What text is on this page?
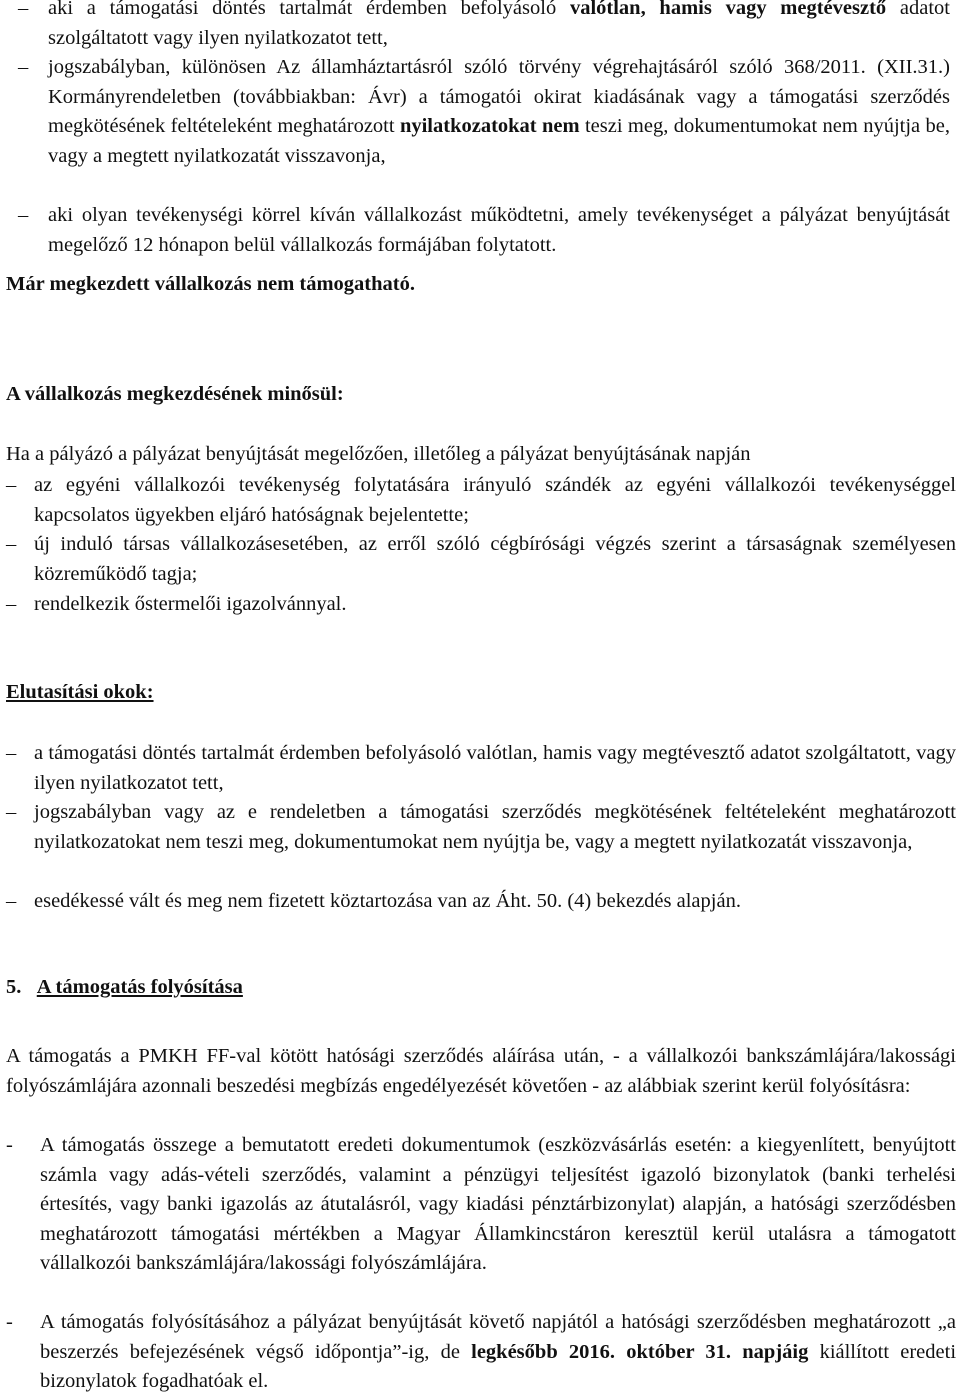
– aki a támogatási döntés tartalmát érdemben befolyásoló valótlan, hamis vagy megtévesztő adatot szolgáltatott vagy ilyen nyilatkozatot tett,
– jogszabályban, különösen Az államháztartásról szóló törvény végrehajtásáról szóló 368/2011. (XII.31.) Kormányrendeletben (továbbiakban: Ávr) a támogatói okirat kiadásának vagy a támogatási szerződés megkötésének feltételeként meghatározott nyilatkozatokat nem teszi meg, dokumentumokat nem nyújtja be, vagy a megtett nyilatkozatát visszavonja,
– aki olyan tevékenységi körrel kíván vállalkozást működtetni, amely tevékenységet a pályázat benyújtását megelőző 12 hónapon belül vállalkozás formájában folytatott.

Már megkezdett vállalkozás nem támogatható.

A vállalkozás megkezdésének minősül:

Ha a pályázó a pályázat benyújtását megelőzően, illetőleg a pályázat benyújtásának napján

– az egyéni vállalkozói tevékenység folytatására irányuló szándék az egyéni vállalkozói tevékenységgel kapcsolatos ügyekben eljáró hatóságnak bejelentette;
– új induló társas vállalkozásesetében, az erről szóló cégbírósági végzés szerint a társaságnak személyesen közreműködő tagja;
– rendelkezik őstermelői igazolvánnyal.

Elutasítási okok:

– a támogatási döntés tartalmát érdemben befolyásoló valótlan, hamis vagy megtévesztő adatot szolgáltatott, vagy ilyen nyilatkozatot tett,
– jogszabályban vagy az e rendeletben a támogatási szerződés megkötésének feltételeként meghatározott nyilatkozatokat nem teszi meg, dokumentumokat nem nyújtja be, vagy a megtett nyilatkozatát visszavonja,
– esedékessé vált és meg nem fizetett köztartozása van az Áht. 50. (4) bekezdés alapján.

5. A támogatás folyósítása

A támogatás a PMKH FF-val kötött hatósági szerződés aláírása után, - a vállalkozói bankszámlájára/lakossági folyószámlájára azonnali beszedési megbízás engedélyezését követően - az alábbiak szerint kerül folyósításra:

-	A támogatás összege a bemutatott eredeti dokumentumok (eszközvásárlás esetén: a kiegyenlített, benyújtott számla vagy adás-vételi szerződés, valamint a pénzügyi teljesítést igazoló bizonylatok (banki terhelési értesítés, vagy banki igazolás az átutalásról, vagy kiadási pénztárbizonylat) alapján, a hatósági szerződésben meghatározott támogatási mértékben a Magyar Államkincstáron keresztül kerül utalásra a támogatott vállalkozói bankszámlájára/lakossági folyószámlájára.
-	A támogatás folyósításához a pályázat benyújtását követő napjától a hatósági szerződésben meghatározott „a beszerzés befejezésének végső időpontja”-ig, de legkésőbb 2016. október 31. napjáig kiállított eredeti bizonylatok fogadhatóak el.
